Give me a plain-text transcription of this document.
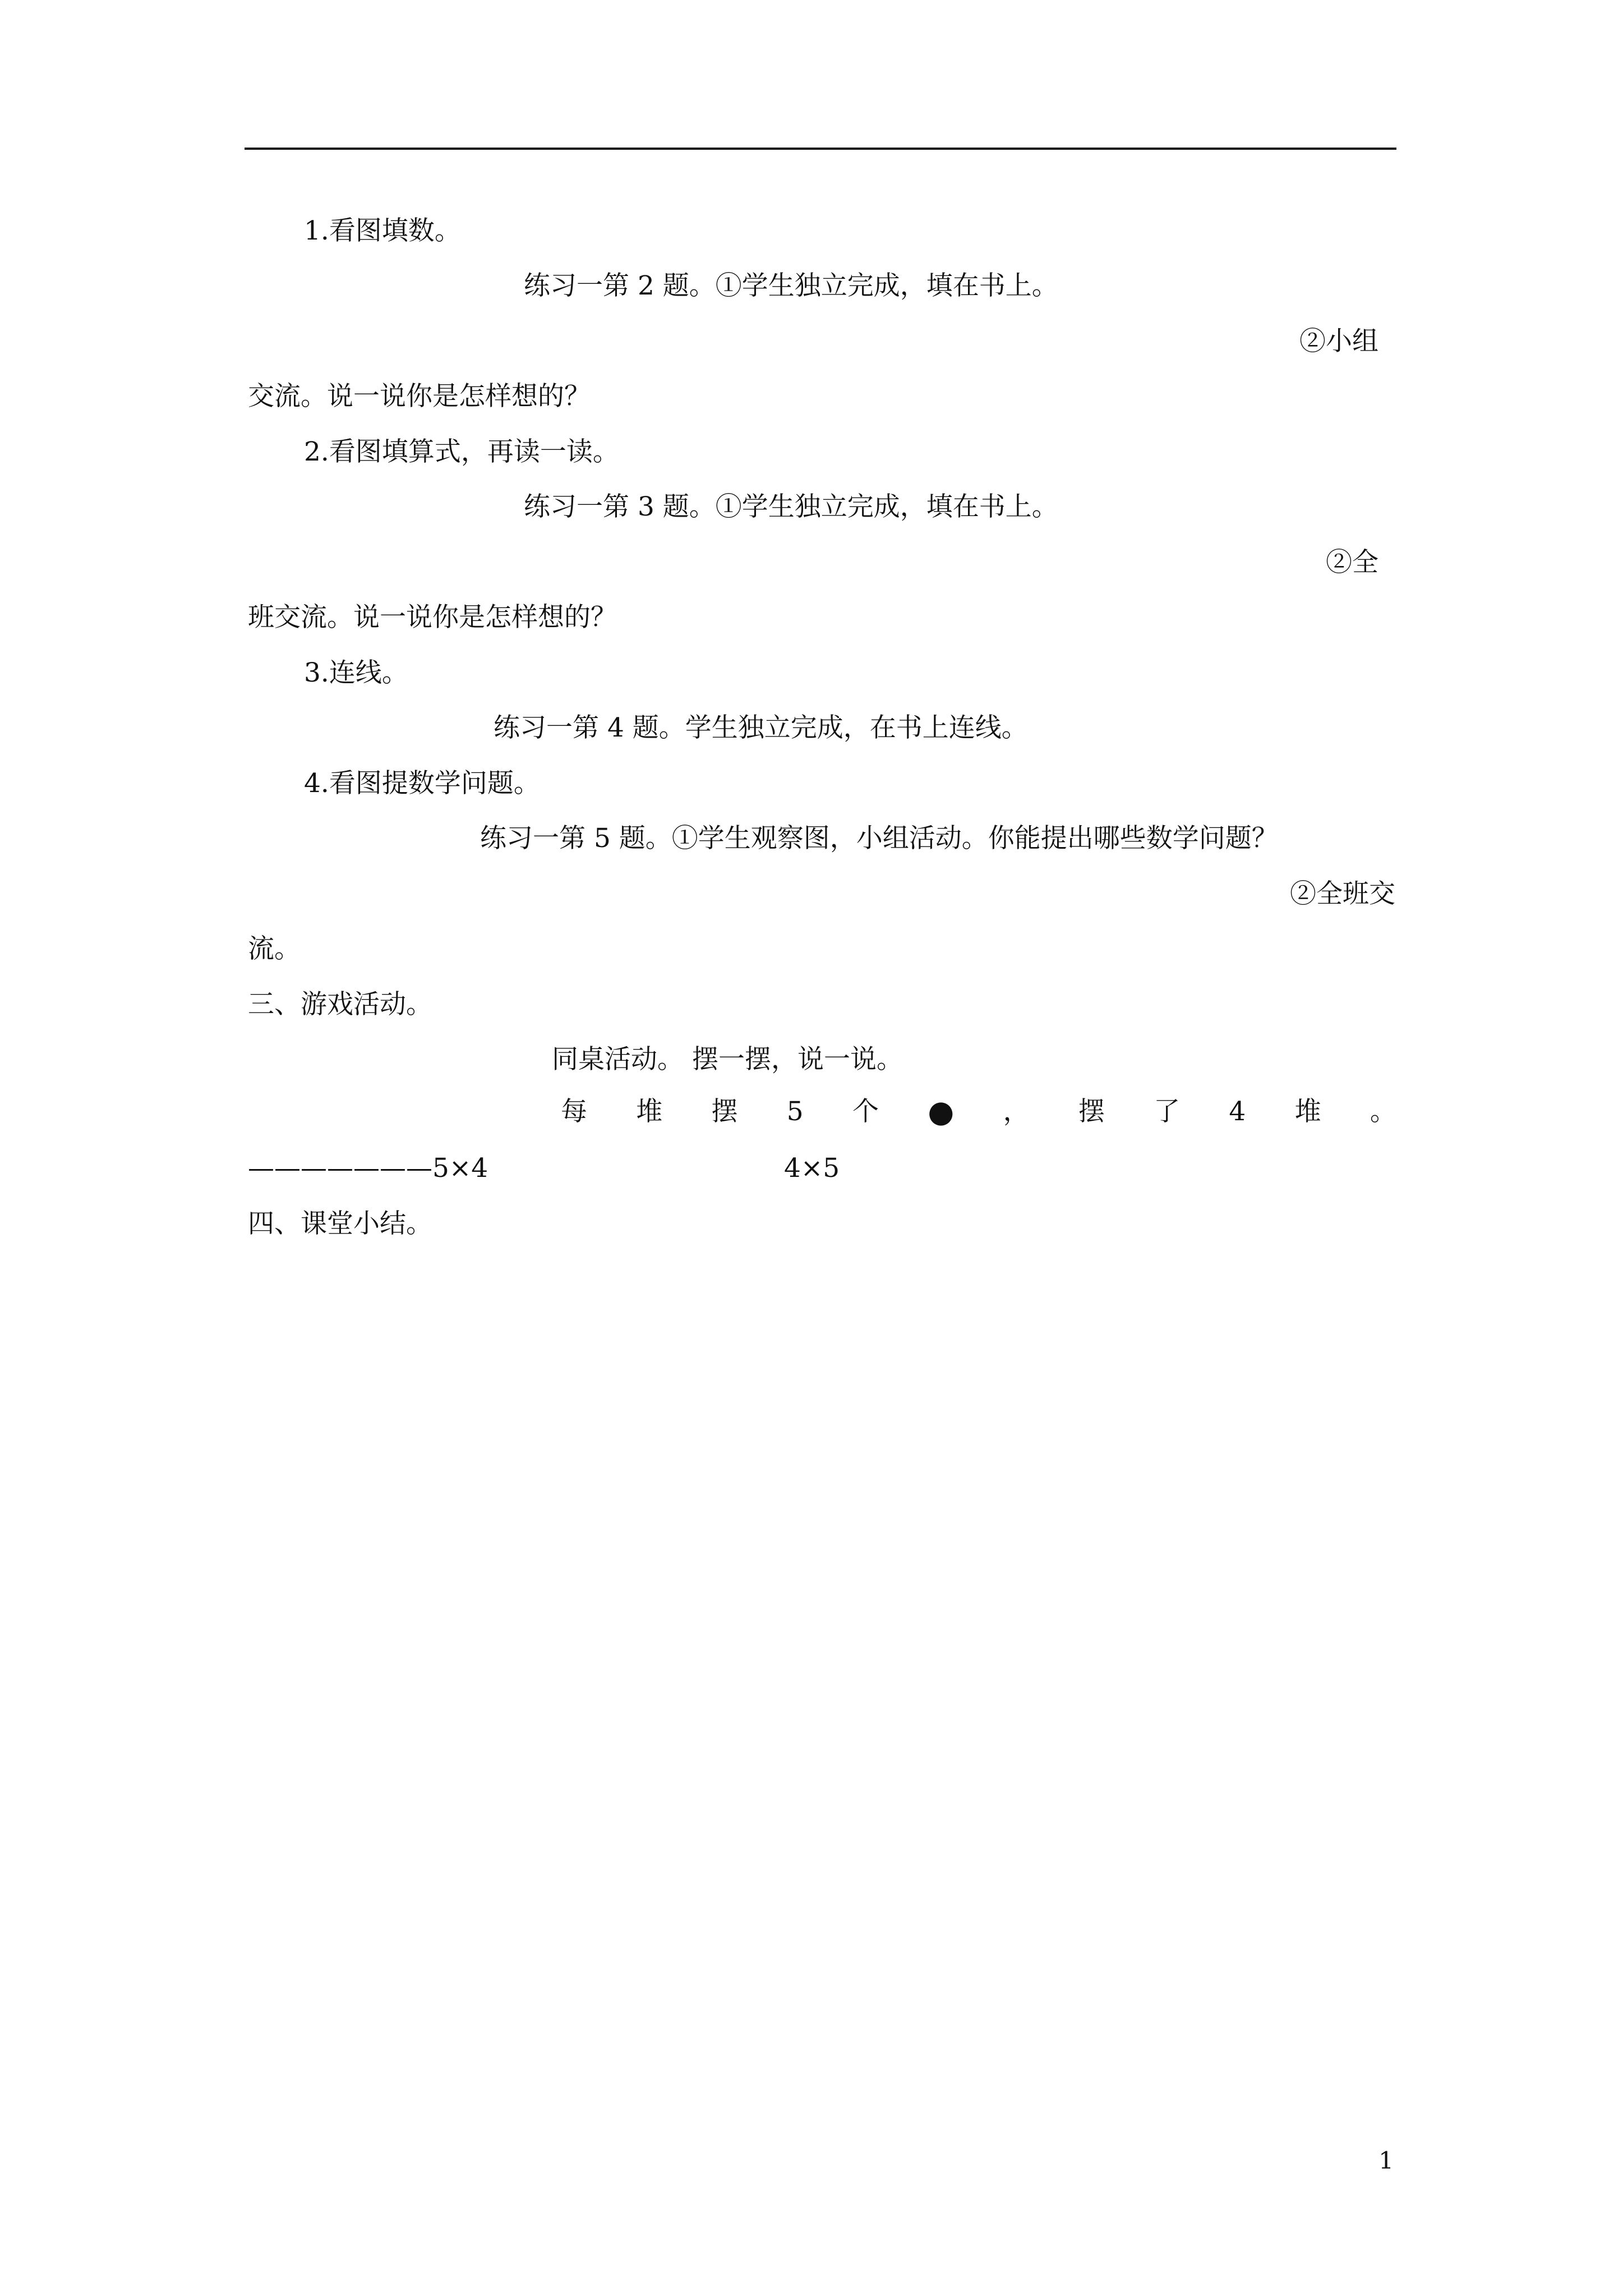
1.看图填数。
练习一第 2 题。①学生独立完成，填在书上。
②小组
交流。说一说你是怎样想的？
2.看图填算式，再读一读。
练习一第 3 题。①学生独立完成，填在书上。
②全
班交流。说一说你是怎样想的？
3.连线。
练习一第 4 题。学生独立完成，在书上连线。
4.看图提数学问题。
练习一第 5 题。①学生观察图，小组活动。你能提出哪些数学问题？
②全班交
流。
三、游戏活动。
同桌活动。 摆一摆，说一说。
每 堆 摆 5 个 ● ， 摆 了 4 堆 。
———————5×4	4×5
四、课堂小结。
1
